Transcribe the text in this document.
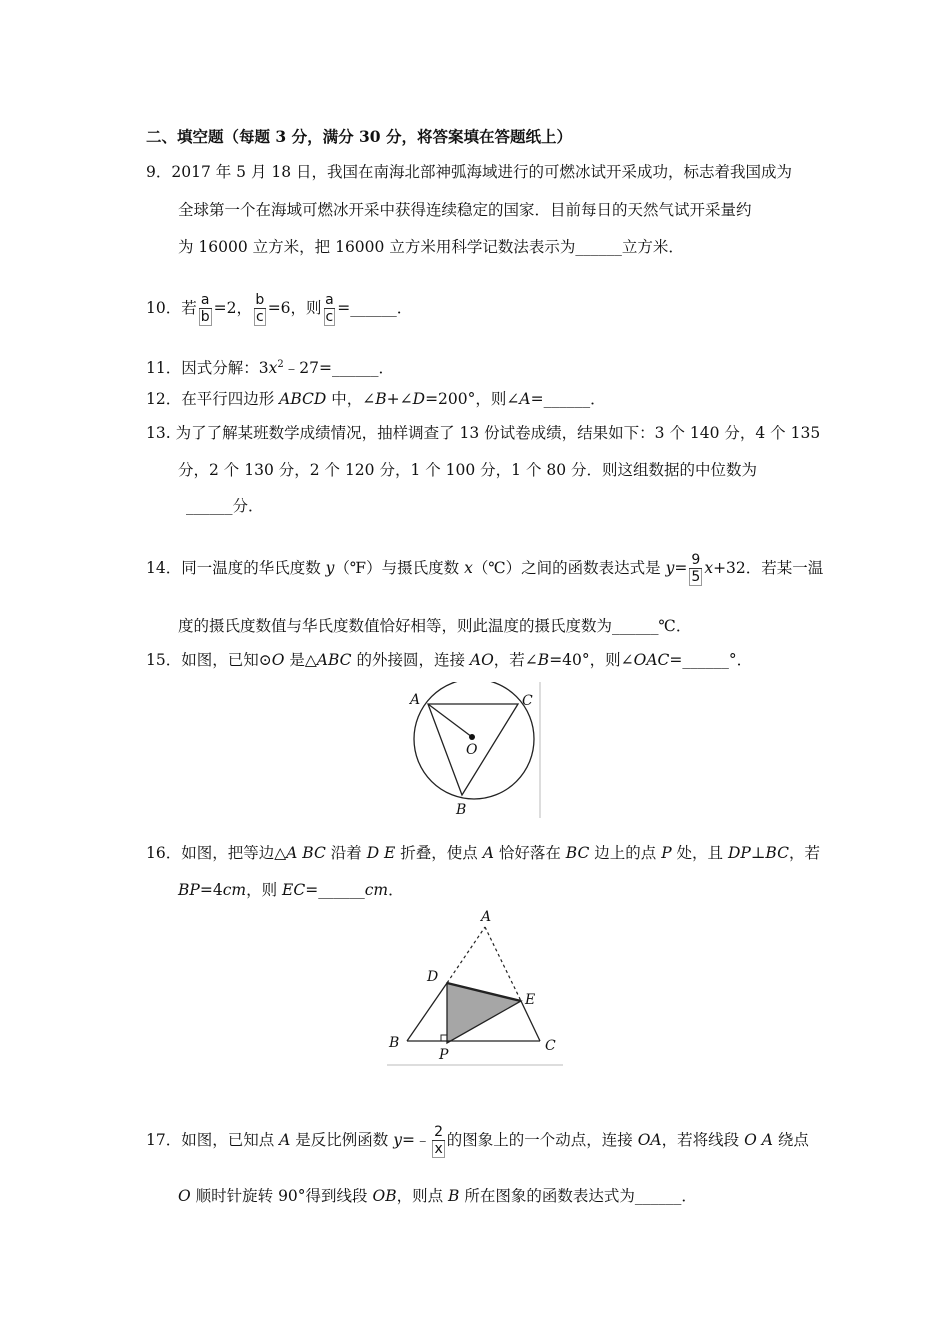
二、填空题（每题 3 分，满分 30 分，将答案填在答题纸上）
9．2017 年 5 月 18 日，我国在南海北部神弧海域进行的可燃冰试开采成功，标志着我国成为
全球第一个在海域可燃冰开采中获得连续稳定的国家．目前每日的天然气试开采量约
为 16000 立方米，把 16000 立方米用科学记数法表示为______立方米．
10．若 $\frac{a}{b} =2$， $\frac{b}{c} =6$，则 $\frac{a}{c}$ =______．
11．因式分解：$3x^2﹣27=\_\_\_\_\_\_$．
12．在平行四边形 ABCD 中，∠B+∠D=200°，则∠A=______．
13. 为了了解某班数学成绩情况，抽样调查了 13 份试卷成绩，结果如下：3 个 140 分，4 个 135
分，2 个 130 分，2 个 120 分，1 个 100 分，1 个 80 分．则这组数据的中位数为
______分．
14．同一温度的华氏度数 y（℉）与摄氏度数 x（℃）之间的函数表达式是 $y= \frac{9}{5} x+32$．若某一温
度的摄氏度数值与华氏度数值恰好相等，则此温度的摄氏度数为______℃．
15．如图，已知⊙O 是△ABC 的外接圆，连接 AO，若∠B=40°，则∠OAC=______°．
A	C
O
B
16．如图，把等边△A BC 沿着 D E 折叠，使点 A 恰好落在 BC 边上的点 P 处，且 DP⊥BC，若
BP=4cm，则 EC=______cm．
A
D
E
B
P
C
17．如图，已知点 A 是反比例函数 y=﹣ $\frac{2}{x}$ 的图象上的一个动点，连接 OA，若将线段 O A 绕点
O 顺时针旋转 90°得到线段 OB，则点 B 所在图象的函数表达式为______．
